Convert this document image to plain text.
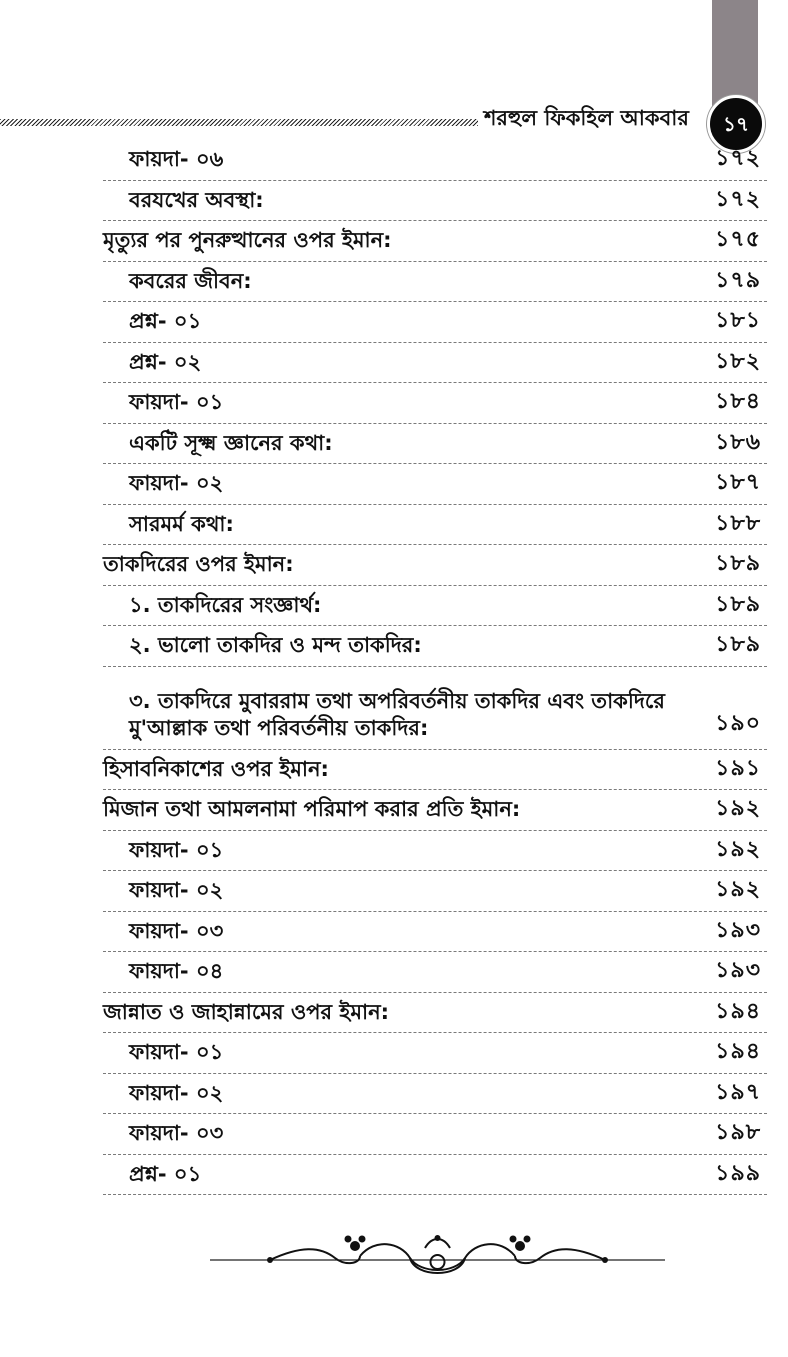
শরহুল ফিকহিল আকবার	১৭
ফায়দা- ০৬	১৭২
বরযখের অবস্থা:	১৭২
মৃত্যুর পর পুনরুত্থানের ওপর ইমান:	১৭৫
কবরের জীবন:	১৭৯
প্রশ্ন- ০১	১৮১
প্রশ্ন- ০২	১৮২
ফায়দা- ০১	১৮৪
একটি সূক্ষ্ম জ্ঞানের কথা:	১৮৬
ফায়দা- ০২	১৮৭
সারমর্ম কথা:	১৮৮
তাকদিরের ওপর ইমান:	১৮৯
১. তাকদিরের সংজ্ঞার্থ:	১৮৯
২. ভালো তাকদির ও মন্দ তাকদির:	১৮৯
৩. তাকদিরে মুবাররাম তথা অপরিবর্তনীয় তাকদির এবং তাকদিরে মু'আল্লাক তথা পরিবর্তনীয় তাকদির:	১৯০
হিসাবনিকাশের ওপর ইমান:	১৯১
মিজান তথা আমলনামা পরিমাপ করার প্রতি ইমান:	১৯২
ফায়দা- ০১	১৯২
ফায়দা- ০২	১৯২
ফায়দা- ০৩	১৯৩
ফায়দা- ০৪	১৯৩
জান্নাত ও জাহান্নামের ওপর ইমান:	১৯৪
ফায়দা- ০১	১৯৪
ফায়দা- ০২	১৯৭
ফায়দা- ০৩	১৯৮
প্রশ্ন- ০১	১৯৯
